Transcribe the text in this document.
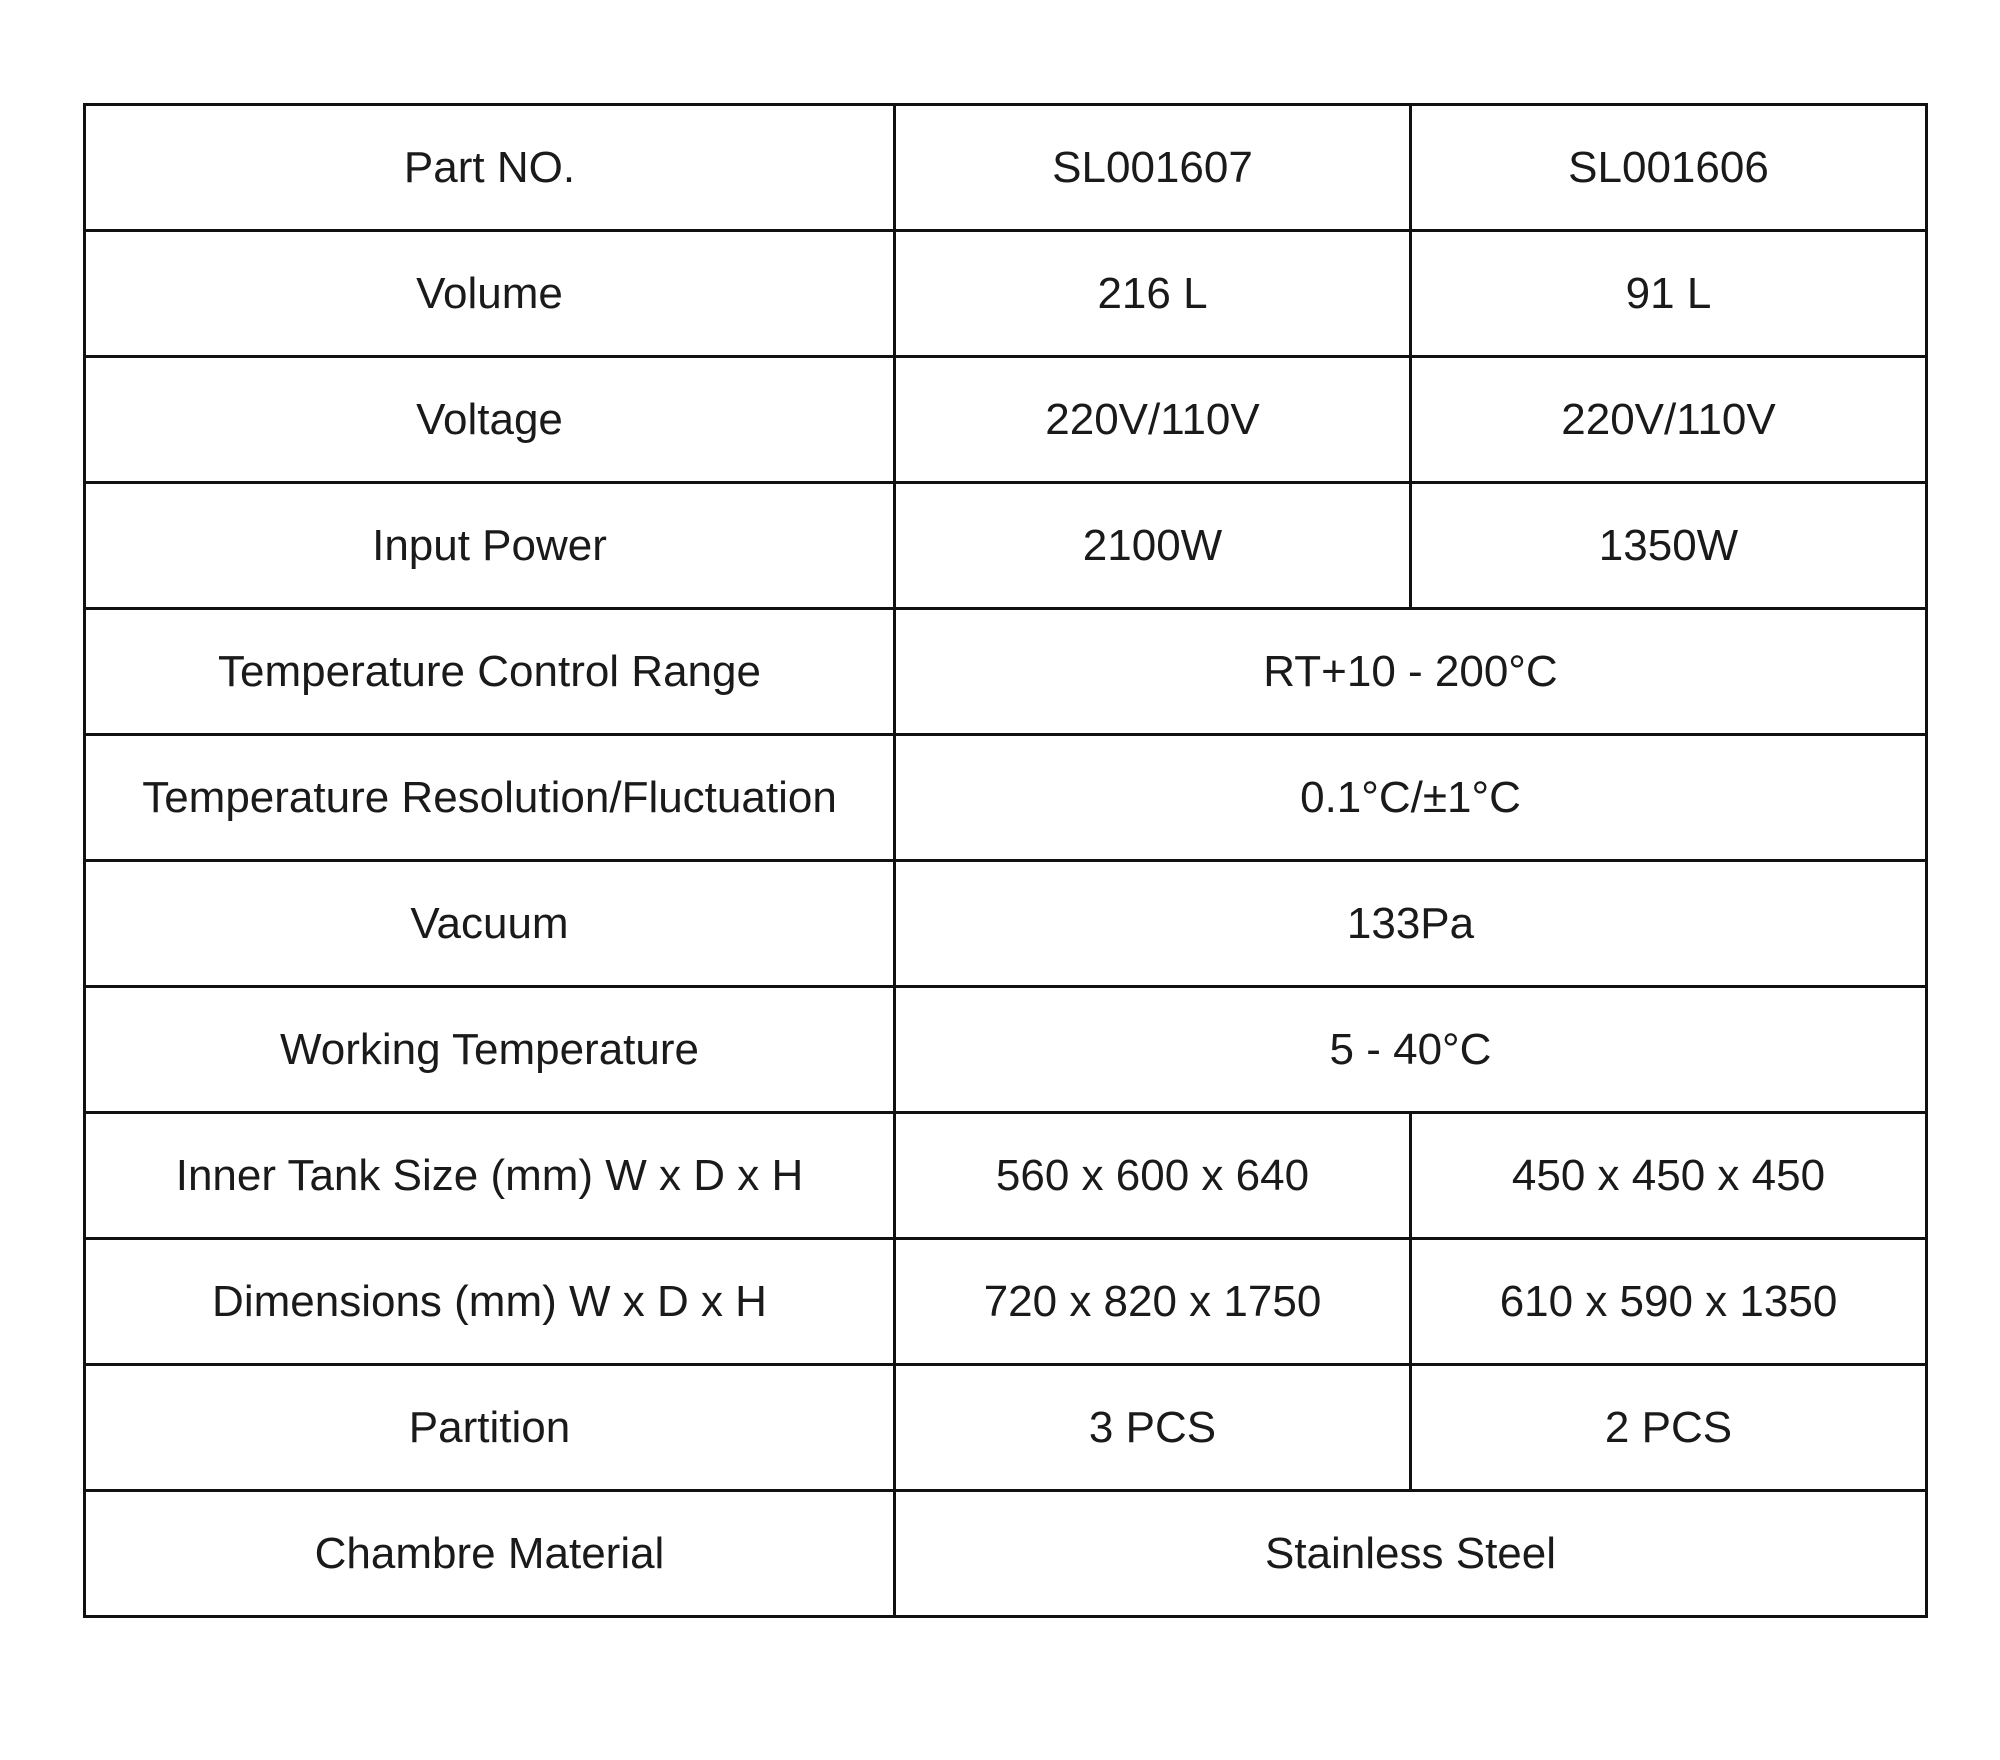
Part NO.	SL001607	SL001606
Volume	216 L	91 L
Voltage	220V/110V	220V/110V
Input Power	2100W	1350W
Temperature Control Range	RT+10 - 200°C	
Temperature Resolution/Fluctuation	0.1°C/±1°C	
Vacuum	133Pa	
Working Temperature	5 - 40°C	
Inner Tank Size (mm) W x D x H	560 x 600 x 640	450 x 450 x 450
Dimensions (mm) W x D x H	720 x 820 x 1750	610 x 590 x 1350
Partition	3 PCS	2 PCS
Chambre Material	Stainless Steel	
